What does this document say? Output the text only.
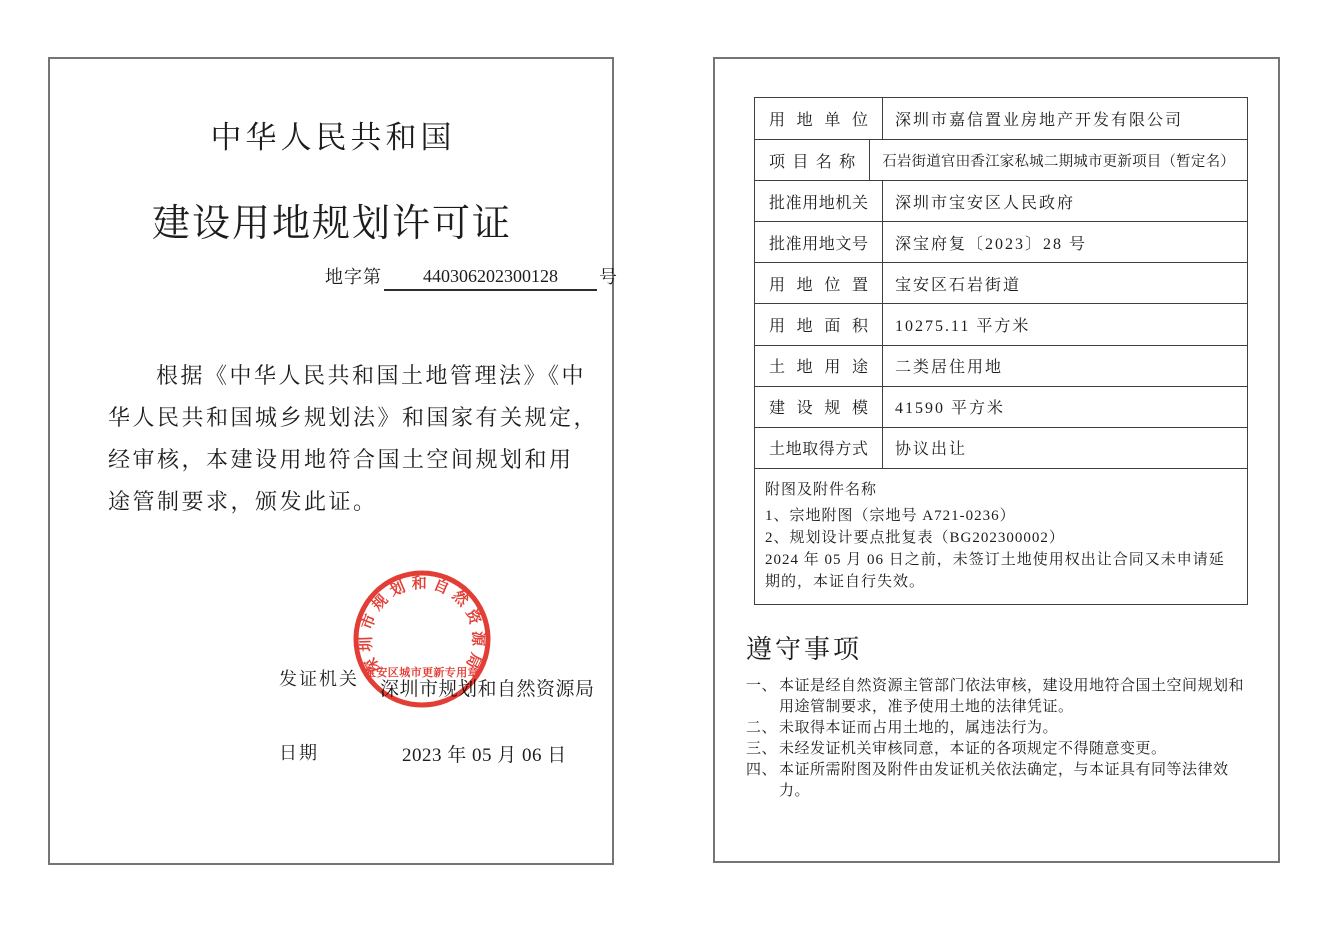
中华人民共和国
建设用地规划许可证
地字第	440306202300128	号
根据《中华人民共和国土地管理法》《中
华人民共和国城乡规划法》和国家有关规定，
经审核，本建设用地符合国土空间规划和用
途管制要求，颁发此证。
发证机关 深圳市规划和自然资源局
日期	2023 年 05 月 06 日
深圳市规划和自然资源局
宝安区城市更新专用章
用地单位	深圳市嘉信置业房地产开发有限公司
项目名称	石岩街道官田香江家私城二期城市更新项目（暂定名）
批准用地机关	深圳市宝安区人民政府
批准用地文号	深宝府复〔2023〕28 号
用地位置	宝安区石岩街道
用地面积	10275.11 平方米
土地用途	二类居住用地
建设规模	41590 平方米
土地取得方式	协议出让
附图及附件名称
1、宗地附图（宗地号 A721-0236）
2、规划设计要点批复表（BG202300002）
2024 年 05 月 06 日之前，未签订土地使用权出让合同又未申请延期的，本证自行失效。
遵守事项
一、 本证是经自然资源主管部门依法审核，建设用地符合国土空间规划和用途管制要求，准予使用土地的法律凭证。
二、 未取得本证而占用土地的，属违法行为。
三、 未经发证机关审核同意，本证的各项规定不得随意变更。
四、 本证所需附图及附件由发证机关依法确定，与本证具有同等法律效力。
